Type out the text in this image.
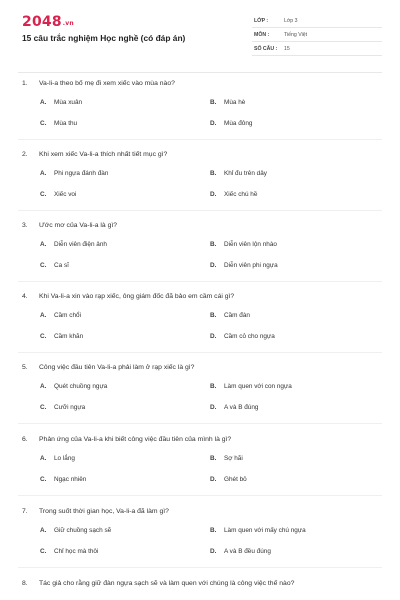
2048.vn
15 câu trắc nghiệm Học nghề (có đáp án)
LỚP :	Lớp 3
MÔN :	Tiếng Việt
SỐ CÂU : 15
1. Va-li-a theo bố mẹ đi xem xiếc vào mùa nào?
A. Mùa xuân	B. Mùa hè
C. Mùa thu	D. Mùa đông
2. Khi xem xiếc Va-li-a thích nhất tiết mục gì?
A. Phi ngựa đánh đàn	B. Khỉ đu trên dây
C. Xiếc voi	D. Xiếc chú hề
3. Ước mơ của Va-li-a là gì?
A. Diễn viên điện ảnh	B. Diễn viên lộn nhào
C. Ca sĩ	D. Diễn viên phi ngựa
4. Khi Va-li-a xin vào rạp xiếc, ông giám đốc đã bảo em cầm cái gì?
A. Cầm chổi	B. Cầm đàn
C. Cầm khăn	D. Cầm cỏ cho ngựa
5. Công việc đầu tiên Va-li-a phải làm ở rạp xiếc là gì?
A. Quét chuồng ngựa	B. Làm quen với con ngựa
C. Cưỡi ngựa	D. A và B đúng
6. Phản ứng của Va-li-a khi biết công việc đầu tiên của mình là gì?
A. Lo lắng	B. Sợ hãi
C. Ngạc nhiên	D. Ghét bỏ
7. Trong suốt thời gian học, Va-li-a đã làm gì?
A. Giữ chuồng sạch sẽ	B. Làm quen với mấy chú ngựa
C. Chỉ học mà thôi	D. A và B đều đúng
8. Tác giả cho rằng giữ đàn ngựa sạch sẽ và làm quen với chúng là công việc thế nào?
